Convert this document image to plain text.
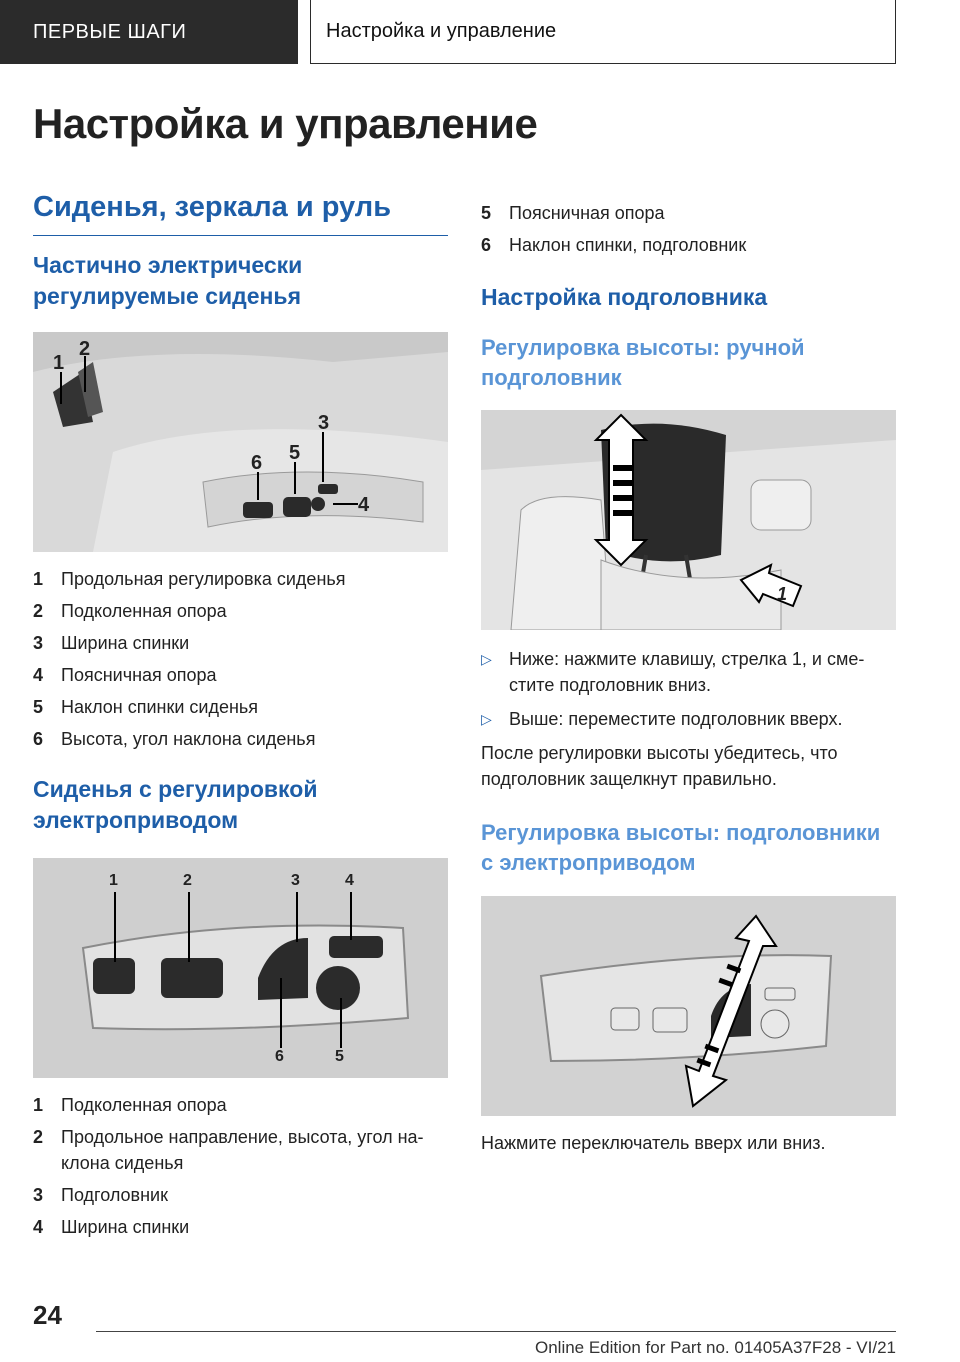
ПЕРВЫЕ ШАГИ	Настройка и управление
Настройка и управление
Сиденья, зеркала и руль
Частично электрически регулируемые сиденья
1
2
3
4
5
6
1 Продольная регулировка сиденья
2 Подколенная опора
3 Ширина спинки
4 Поясничная опора
5 Наклон спинки сиденья
6 Высота, угол наклона сиденья
Сиденья с регулировкой электроприводом
1	2	3	4
6	5
1 Подколенная опора
2 Продольное направление, высота, угол на-клона сиденья
3 Подголовник
4 Ширина спинки
5 Поясничная опора
6 Наклон спинки, подголовник
Настройка подголовника
Регулировка высоты: ручной подголовник
1
▷ Ниже: нажмите клавишу, стрелка 1, и сме-стите подголовник вниз.
▷ Выше: переместите подголовник вверх.

После регулировки высоты убедитесь, что подголовник защелкнут правильно.

Регулировка высоты: подголовники с электроприводом

Нажмите переключатель вверх или вниз.

24
Online Edition for Part no. 01405A37F28 - VI/21
